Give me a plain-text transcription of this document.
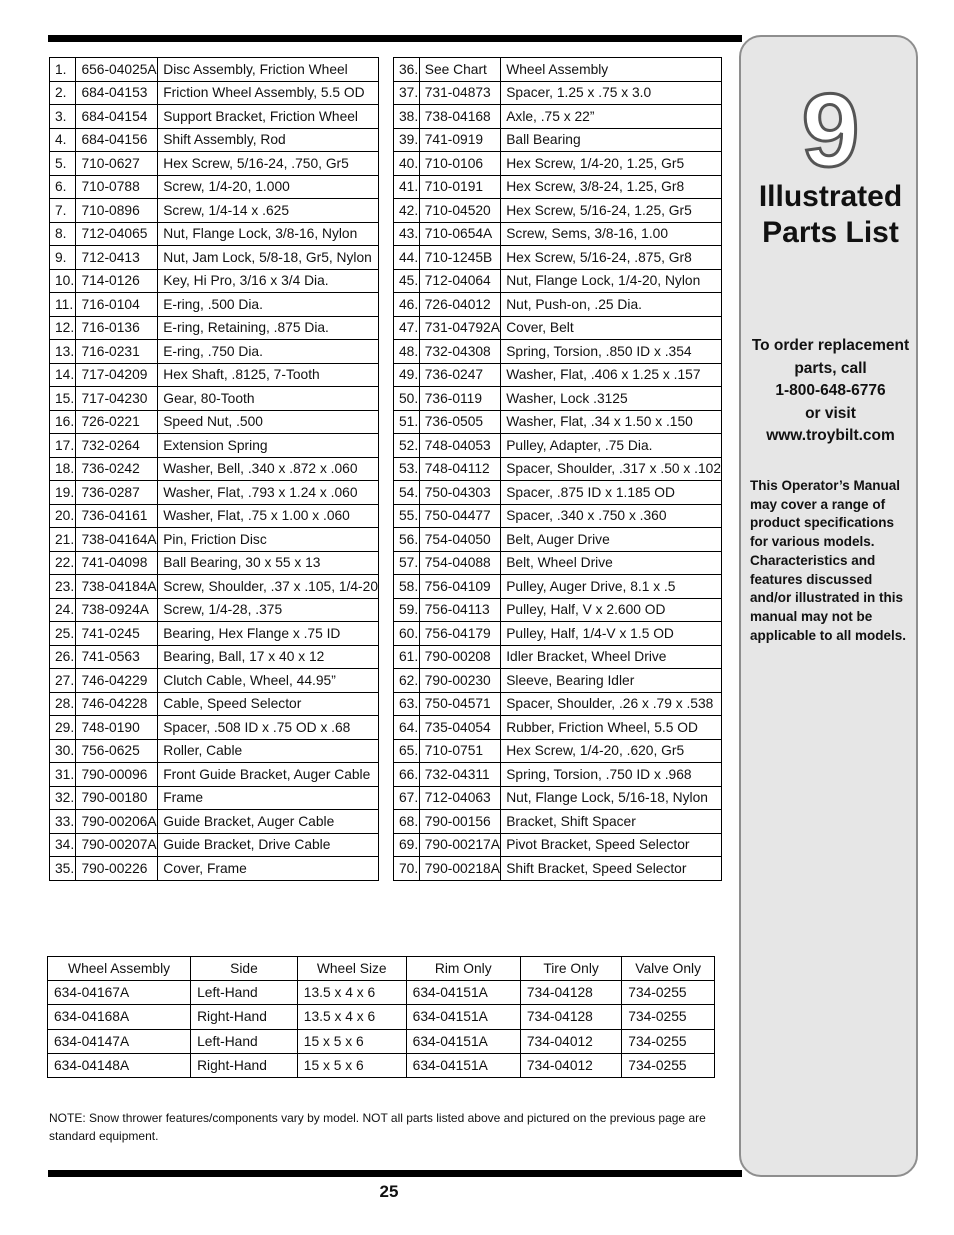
1.	656-04025A	Disc Assembly, Friction Wheel
2.	684-04153	Friction Wheel Assembly, 5.5 OD
3.	684-04154	Support Bracket, Friction Wheel
4.	684-04156	Shift Assembly, Rod
5.	710-0627	Hex Screw, 5/16-24, .750, Gr5
6.	710-0788	Screw, 1/4-20, 1.000
7.	710-0896	Screw, 1/4-14 x .625
8.	712-04065	Nut, Flange Lock, 3/8-16, Nylon
9.	712-0413	Nut, Jam Lock, 5/8-18, Gr5, Nylon
10.	714-0126	Key, Hi Pro, 3/16 x 3/4 Dia.
11.	716-0104	E-ring, .500 Dia.
12.	716-0136	E-ring, Retaining, .875 Dia.
13.	716-0231	E-ring, .750 Dia.
14.	717-04209	Hex Shaft, .8125, 7-Tooth
15.	717-04230	Gear, 80-Tooth
16.	726-0221	Speed Nut, .500
17.	732-0264	Extension Spring
18.	736-0242	Washer, Bell, .340 x .872 x .060
19.	736-0287	Washer, Flat, .793 x 1.24 x .060
20.	736-04161	Washer, Flat, .75 x 1.00 x .060
21.	738-04164A	Pin, Friction Disc
22.	741-04098	Ball Bearing, 30 x 55 x 13
23.	738-04184A	Screw, Shoulder, .37 x .105, 1/4-20
24.	738-0924A	Screw, 1/4-28, .375
25.	741-0245	Bearing, Hex Flange x .75 ID
26.	741-0563	Bearing, Ball, 17 x 40 x 12
27.	746-04229	Clutch Cable, Wheel, 44.95”
28.	746-04228	Cable, Speed Selector
29.	748-0190	Spacer, .508 ID x .75 OD x .68
30.	756-0625	Roller, Cable
31.	790-00096	Front Guide Bracket, Auger Cable
32.	790-00180	Frame
33.	790-00206A	Guide Bracket, Auger Cable
34.	790-00207A	Guide Bracket, Drive Cable
35.	790-00226	Cover, Frame
36.	See Chart	Wheel Assembly
37.	731-04873	Spacer, 1.25 x .75 x 3.0
38.	738-04168	Axle, .75 x 22”
39.	741-0919	Ball Bearing
40.	710-0106	Hex Screw, 1/4-20, 1.25, Gr5
41.	710-0191	Hex Screw, 3/8-24, 1.25, Gr8
42.	710-04520	Hex Screw, 5/16-24, 1.25, Gr5
43.	710-0654A	Screw, Sems, 3/8-16, 1.00
44.	710-1245B	Hex Screw, 5/16-24, .875, Gr8
45.	712-04064	Nut, Flange Lock, 1/4-20, Nylon
46.	726-04012	Nut, Push-on, .25 Dia.
47.	731-04792A	Cover, Belt
48.	732-04308	Spring, Torsion, .850 ID x .354
49.	736-0247	Washer, Flat, .406 x 1.25 x .157
50.	736-0119	Washer, Lock .3125
51.	736-0505	Washer, Flat, .34 x 1.50 x .150
52.	748-04053	Pulley, Adapter, .75 Dia.
53.	748-04112	Spacer, Shoulder, .317 x .50 x .102
54.	750-04303	Spacer, .875 ID x 1.185 OD
55.	750-04477	Spacer, .340 x .750 x .360
56.	754-04050	Belt, Auger Drive
57.	754-04088	Belt, Wheel Drive
58.	756-04109	Pulley, Auger Drive, 8.1 x .5
59.	756-04113	Pulley, Half, V x 2.600 OD
60.	756-04179	Pulley, Half, 1/4-V x 1.5 OD
61.	790-00208	Idler Bracket, Wheel Drive
62.	790-00230	Sleeve, Bearing Idler
63.	750-04571	Spacer, Shoulder, .26 x .79 x .538
64.	735-04054	Rubber, Friction Wheel, 5.5 OD
65.	710-0751	Hex Screw, 1/4-20, .620, Gr5
66.	732-04311	Spring, Torsion, .750 ID x .968
67.	712-04063	Nut, Flange Lock, 5/16-18, Nylon
68.	790-00156	Bracket, Shift Spacer
69.	790-00217A	Pivot Bracket, Speed Selector
70.	790-00218A	Shift Bracket, Speed Selector
9
Illustrated
Parts List
To order replacement
parts, call
1-800-648-6776
or visit
www.troybilt.com
This Operator’s Manual may cover a range of product specifications for various models. Characteristics and features discussed and/or illustrated in this manual may not be applicable to all models.
Wheel Assembly	Side	Wheel Size	Rim Only	Tire Only	Valve Only
634-04167A	Left-Hand	13.5 x 4 x 6	634-04151A	734-04128	734-0255
634-04168A	Right-Hand	13.5 x 4 x 6	634-04151A	734-04128	734-0255
634-04147A	Left-Hand	15 x 5 x 6	634-04151A	734-04012	734-0255
634-04148A	Right-Hand	15 x 5 x 6	634-04151A	734-04012	734-0255
NOTE: Snow thrower features/components vary by model. NOT all parts listed above and pictured on the previous page are standard equipment.
25
